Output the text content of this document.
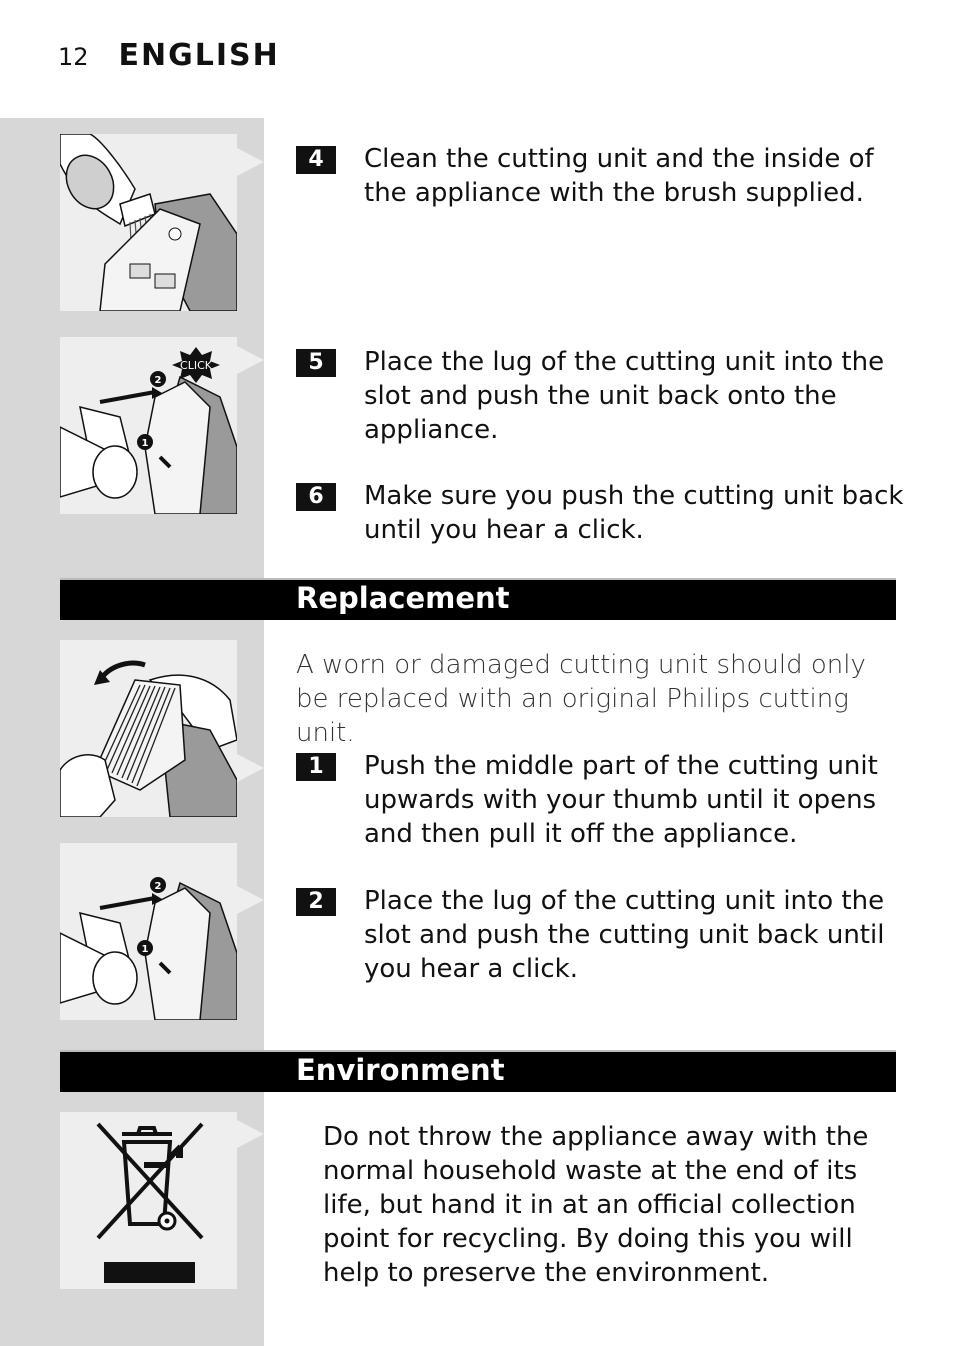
12 ENGLISH
CLICK
2
1
4	Clean the cutting unit and the inside of the appliance with the brush supplied.
5	Place the lug of the cutting unit into the slot and push the unit back onto the appliance.
6	Make sure you push the cutting unit back until you hear a click.
Replacement
2
1
A worn or damaged cutting unit should only be replaced with an original Philips cutting unit.
1	Push the middle part of the cutting unit upwards with your thumb until it opens and then pull it off the appliance.
2	Place the lug of the cutting unit into the slot and push the cutting unit back until you hear a click.
Environment
Do not throw the appliance away with the normal household waste at the end of its life, but hand it in at an official collection point for recycling. By doing this you will help to preserve the environment.
